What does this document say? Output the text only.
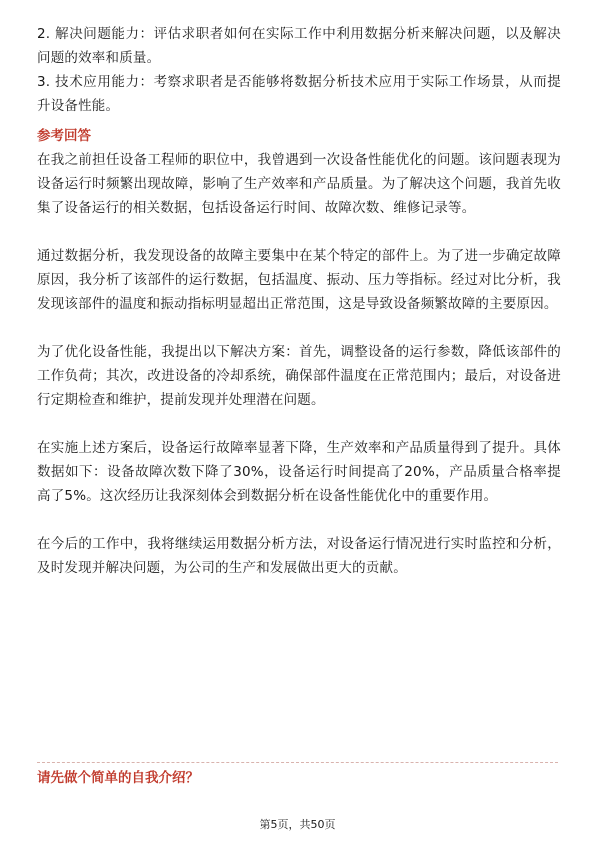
2. 解决问题能力：评估求职者如何在实际工作中利用数据分析来解决问题，以及解决问题的效率和质量。

3. 技术应用能力：考察求职者是否能够将数据分析技术应用于实际工作场景，从而提升设备性能。

参考回答

在我之前担任设备工程师的职位中，我曾遇到一次设备性能优化的问题。该问题表现为设备运行时频繁出现故障，影响了生产效率和产品质量。为了解决这个问题，我首先收集了设备运行的相关数据，包括设备运行时间、故障次数、维修记录等。

通过数据分析，我发现设备的故障主要集中在某个特定的部件上。为了进一步确定故障原因，我分析了该部件的运行数据，包括温度、振动、压力等指标。经过对比分析，我发现该部件的温度和振动指标明显超出正常范围，这是导致设备频繁故障的主要原因。

为了优化设备性能，我提出以下解决方案：首先，调整设备的运行参数，降低该部件的工作负荷；其次，改进设备的冷却系统，确保部件温度在正常范围内；最后，对设备进行定期检查和维护，提前发现并处理潜在问题。

在实施上述方案后，设备运行故障率显著下降，生产效率和产品质量得到了提升。具体数据如下：设备故障次数下降了30%，设备运行时间提高了20%，产品质量合格率提高了5%。这次经历让我深刻体会到数据分析在设备性能优化中的重要作用。

在今后的工作中，我将继续运用数据分析方法，对设备运行情况进行实时监控和分析，及时发现并解决问题，为公司的生产和发展做出更大的贡献。

请先做个简单的自我介绍？

第5页，共50页
